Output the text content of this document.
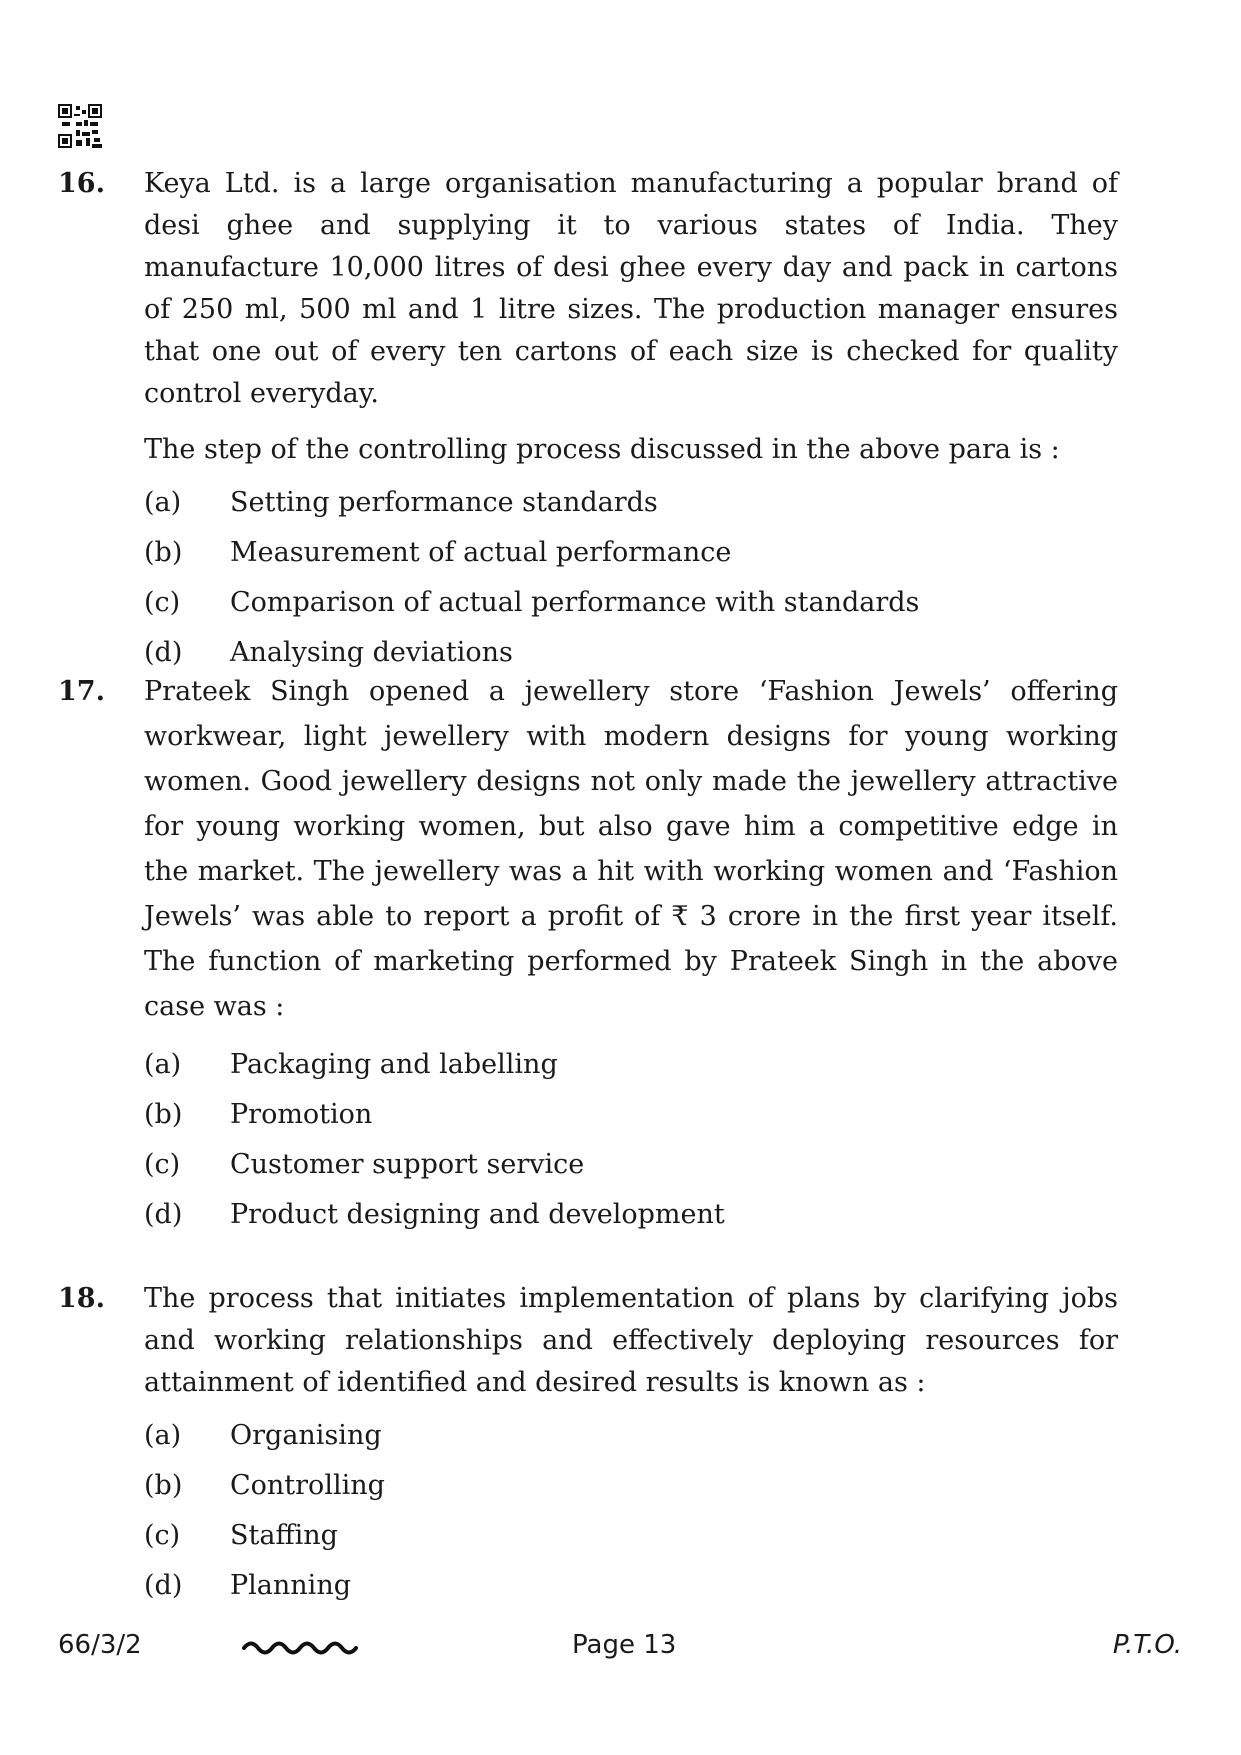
16. Keya Ltd. is a large organisation manufacturing a popular brand of desi ghee and supplying it to various states of India. They manufacture 10,000 litres of desi ghee every day and pack in cartons of 250 ml, 500 ml and 1 litre sizes. The production manager ensures that one out of every ten cartons of each size is checked for quality control everyday.

The step of the controlling process discussed in the above para is :
(a)	Setting performance standards
(b)	Measurement of actual performance
(c)	Comparison of actual performance with standards
(d)	Analysing deviations
17. Prateek Singh opened a jewellery store ‘Fashion Jewels’ offering workwear, light jewellery with modern designs for young working women. Good jewellery designs not only made the jewellery attractive for young working women, but also gave him a competitive edge in the market. The jewellery was a hit with working women and ‘Fashion Jewels’ was able to report a profit of ₹ 3 crore in the first year itself. The function of marketing performed by Prateek Singh in the above case was :

(a)	Packaging and labelling
(b)	Promotion
(c)	Customer support service
(d)	Product designing and development
18. The process that initiates implementation of plans by clarifying jobs and working relationships and effectively deploying resources for attainment of identified and desired results is known as :

(a)	Organising
(b)	Controlling
(c)	Staffing
(d)	Planning
66/3/2	Page 13	P.T.O.
